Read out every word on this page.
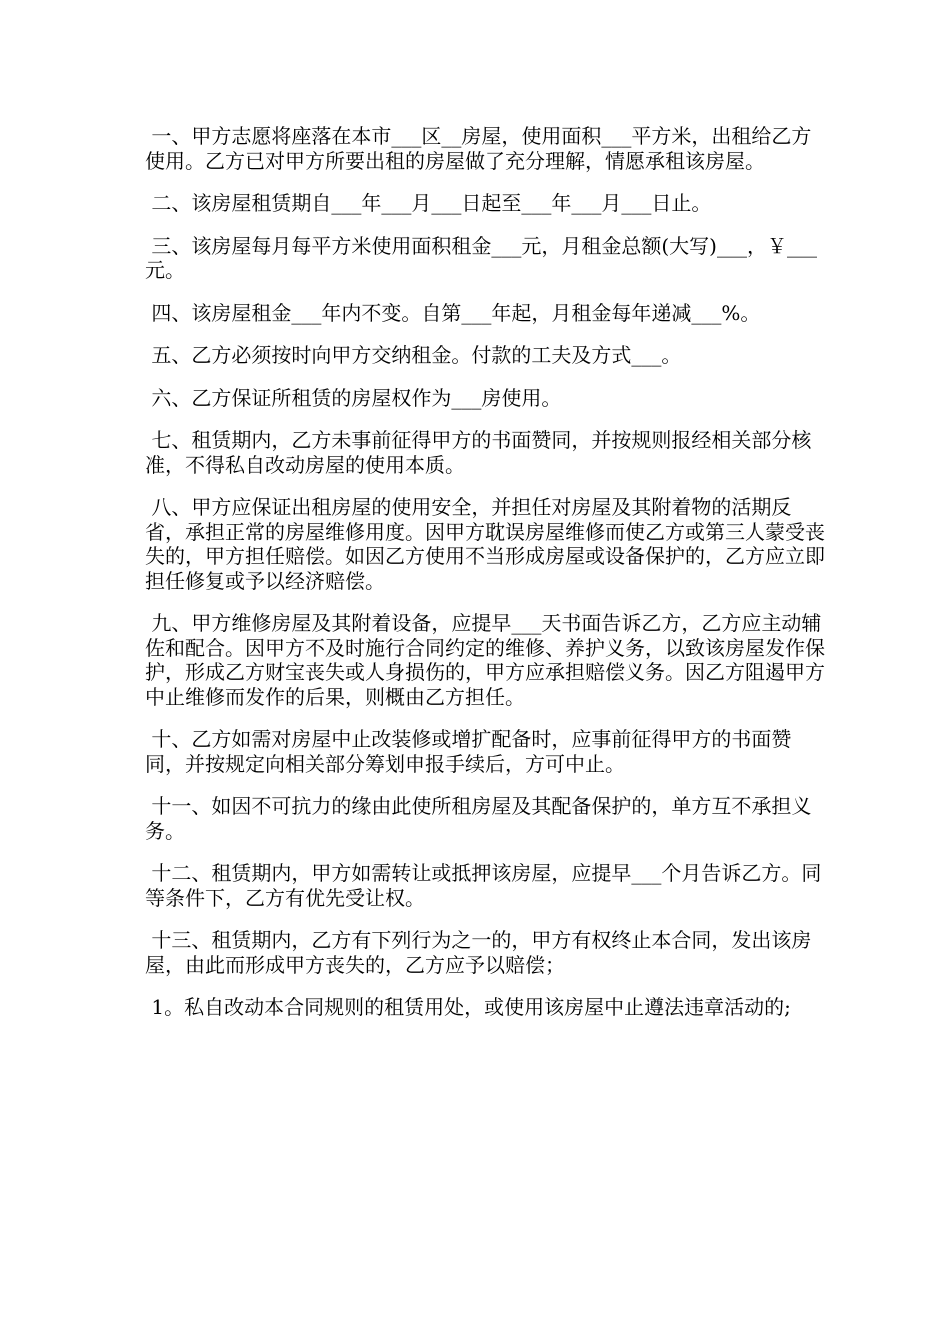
一、甲方志愿将座落在本市___区__房屋，使用面积___平方米，出租给乙方使用。乙方已对甲方所要出租的房屋做了充分理解，情愿承租该房屋。

二、该房屋租赁期自___年___月___日起至___年___月___日止。

三、该房屋每月每平方米使用面积租金___元，月租金总额(大写)___，￥___元。

四、该房屋租金___年内不变。自第___年起，月租金每年递减___%。

五、乙方必须按时向甲方交纳租金。付款的工夫及方式___。

六、乙方保证所租赁的房屋权作为___房使用。

七、租赁期内，乙方未事前征得甲方的书面赞同，并按规则报经相关部分核准，不得私自改动房屋的使用本质。

八、甲方应保证出租房屋的使用安全，并担任对房屋及其附着物的活期反省，承担正常的房屋维修用度。因甲方耽误房屋维修而使乙方或第三人蒙受丧失的，甲方担任赔偿。如因乙方使用不当形成房屋或设备保护的，乙方应立即担任修复或予以经济赔偿。

九、甲方维修房屋及其附着设备，应提早___天书面告诉乙方，乙方应主动辅佐和配合。因甲方不及时施行合同约定的维修、养护义务，以致该房屋发作保护，形成乙方财宝丧失或人身损伤的，甲方应承担赔偿义务。因乙方阻遏甲方中止维修而发作的后果，则概由乙方担任。

十、乙方如需对房屋中止改装修或增扩配备时，应事前征得甲方的书面赞同，并按规定向相关部分筹划申报手续后，方可中止。

十一、如因不可抗力的缘由此使所租房屋及其配备保护的，单方互不承担义务。

十二、租赁期内，甲方如需转让或抵押该房屋，应提早___个月告诉乙方。同等条件下，乙方有优先受让权。

十三、租赁期内，乙方有下列行为之一的，甲方有权终止本合同，发出该房屋，由此而形成甲方丧失的，乙方应予以赔偿；

1。私自改动本合同规则的租赁用处，或使用该房屋中止遵法违章活动的;
